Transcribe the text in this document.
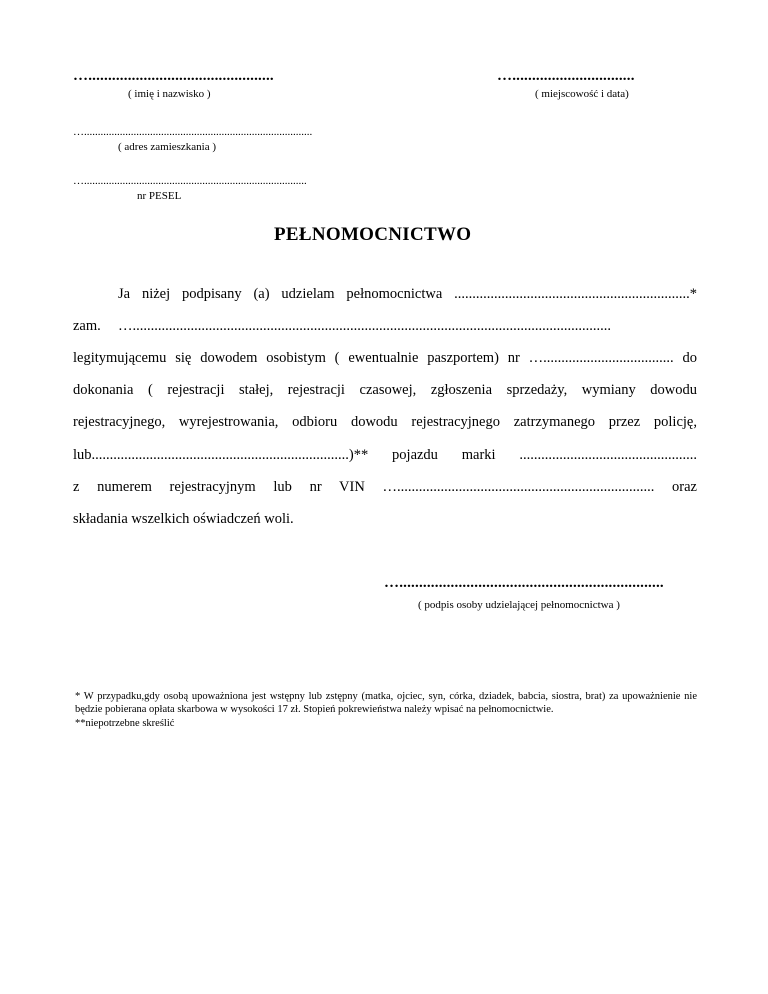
…...............................................
( imię i nazwisko )
…...............................
( miejscowość i data)
…...................................................................................
( adres zamieszkania )
….................................................................................
nr PESEL
PEŁNOMOCNICTWO
Ja niżej podpisany (a) udzielam pełnomocnictwa .................................................................*
zam. …....................................................................................................................................
legitymującemu się dowodem osobistym ( ewentualnie paszportem) nr ….................................... do
dokonania ( rejestracji stałej, rejestracji czasowej, zgłoszenia sprzedaży, wymiany dowodu
rejestracyjnego, wyrejestrowania, odbioru dowodu rejestracyjnego zatrzymanego przez policję,
lub.......................................................................)** pojazdu marki .................................................
z numerem rejestracyjnym lub nr VIN …....................................................................... oraz
składania wszelkich oświadczeń woli.
…...................................................................
( podpis osoby udzielającej pełnomocnictwa )
* W przypadku,gdy osobą upoważniona jest wstępny lub zstępny (matka, ojciec, syn, córka, dziadek, babcia, siostra, brat) za upoważnienie nie będzie pobierana opłata skarbowa w wysokości 17 zł. Stopień pokrewieństwa należy wpisać na pełnomocnictwie.
**niepotrzebne skreślić
